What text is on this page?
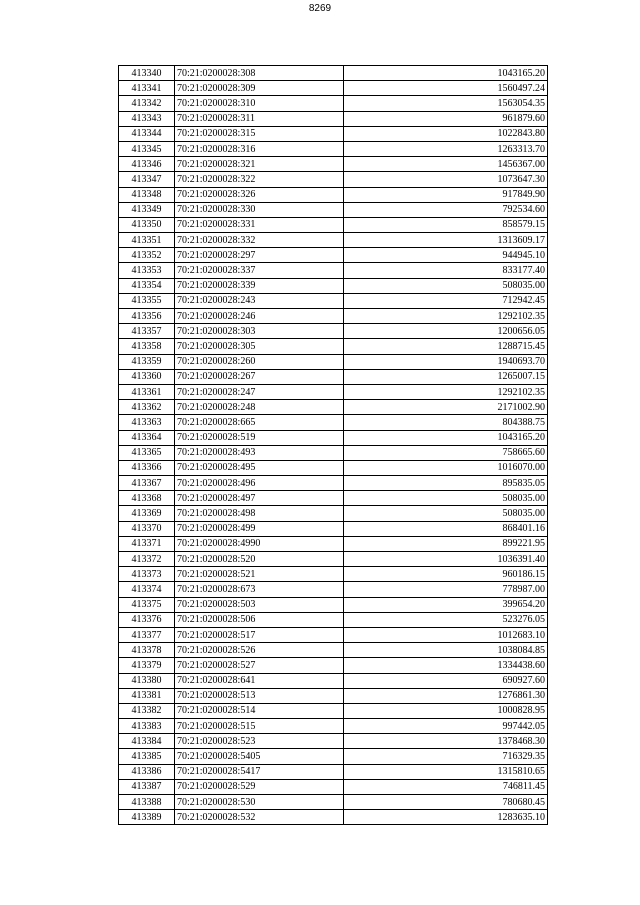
8269
413340	70:21:0200028:308	1043165.20
413341	70:21:0200028:309	1560497.24
413342	70:21:0200028:310	1563054.35
413343	70:21:0200028:311	961879.60
413344	70:21:0200028:315	1022843.80
413345	70:21:0200028:316	1263313.70
413346	70:21:0200028:321	1456367.00
413347	70:21:0200028:322	1073647.30
413348	70:21:0200028:326	917849.90
413349	70:21:0200028:330	792534.60
413350	70:21:0200028:331	858579.15
413351	70:21:0200028:332	1313609.17
413352	70:21:0200028:297	944945.10
413353	70:21:0200028:337	833177.40
413354	70:21:0200028:339	508035.00
413355	70:21:0200028:243	712942.45
413356	70:21:0200028:246	1292102.35
413357	70:21:0200028:303	1200656.05
413358	70:21:0200028:305	1288715.45
413359	70:21:0200028:260	1940693.70
413360	70:21:0200028:267	1265007.15
413361	70:21:0200028:247	1292102.35
413362	70:21:0200028:248	2171002.90
413363	70:21:0200028:665	804388.75
413364	70:21:0200028:519	1043165.20
413365	70:21:0200028:493	758665.60
413366	70:21:0200028:495	1016070.00
413367	70:21:0200028:496	895835.05
413368	70:21:0200028:497	508035.00
413369	70:21:0200028:498	508035.00
413370	70:21:0200028:499	868401.16
413371	70:21:0200028:4990	899221.95
413372	70:21:0200028:520	1036391.40
413373	70:21:0200028:521	960186.15
413374	70:21:0200028:673	778987.00
413375	70:21:0200028:503	399654.20
413376	70:21:0200028:506	523276.05
413377	70:21:0200028:517	1012683.10
413378	70:21:0200028:526	1038084.85
413379	70:21:0200028:527	1334438.60
413380	70:21:0200028:641	690927.60
413381	70:21:0200028:513	1276861.30
413382	70:21:0200028:514	1000828.95
413383	70:21:0200028:515	997442.05
413384	70:21:0200028:523	1378468.30
413385	70:21:0200028:5405	716329.35
413386	70:21:0200028:5417	1315810.65
413387	70:21:0200028:529	746811.45
413388	70:21:0200028:530	780680.45
413389	70:21:0200028:532	1283635.10
